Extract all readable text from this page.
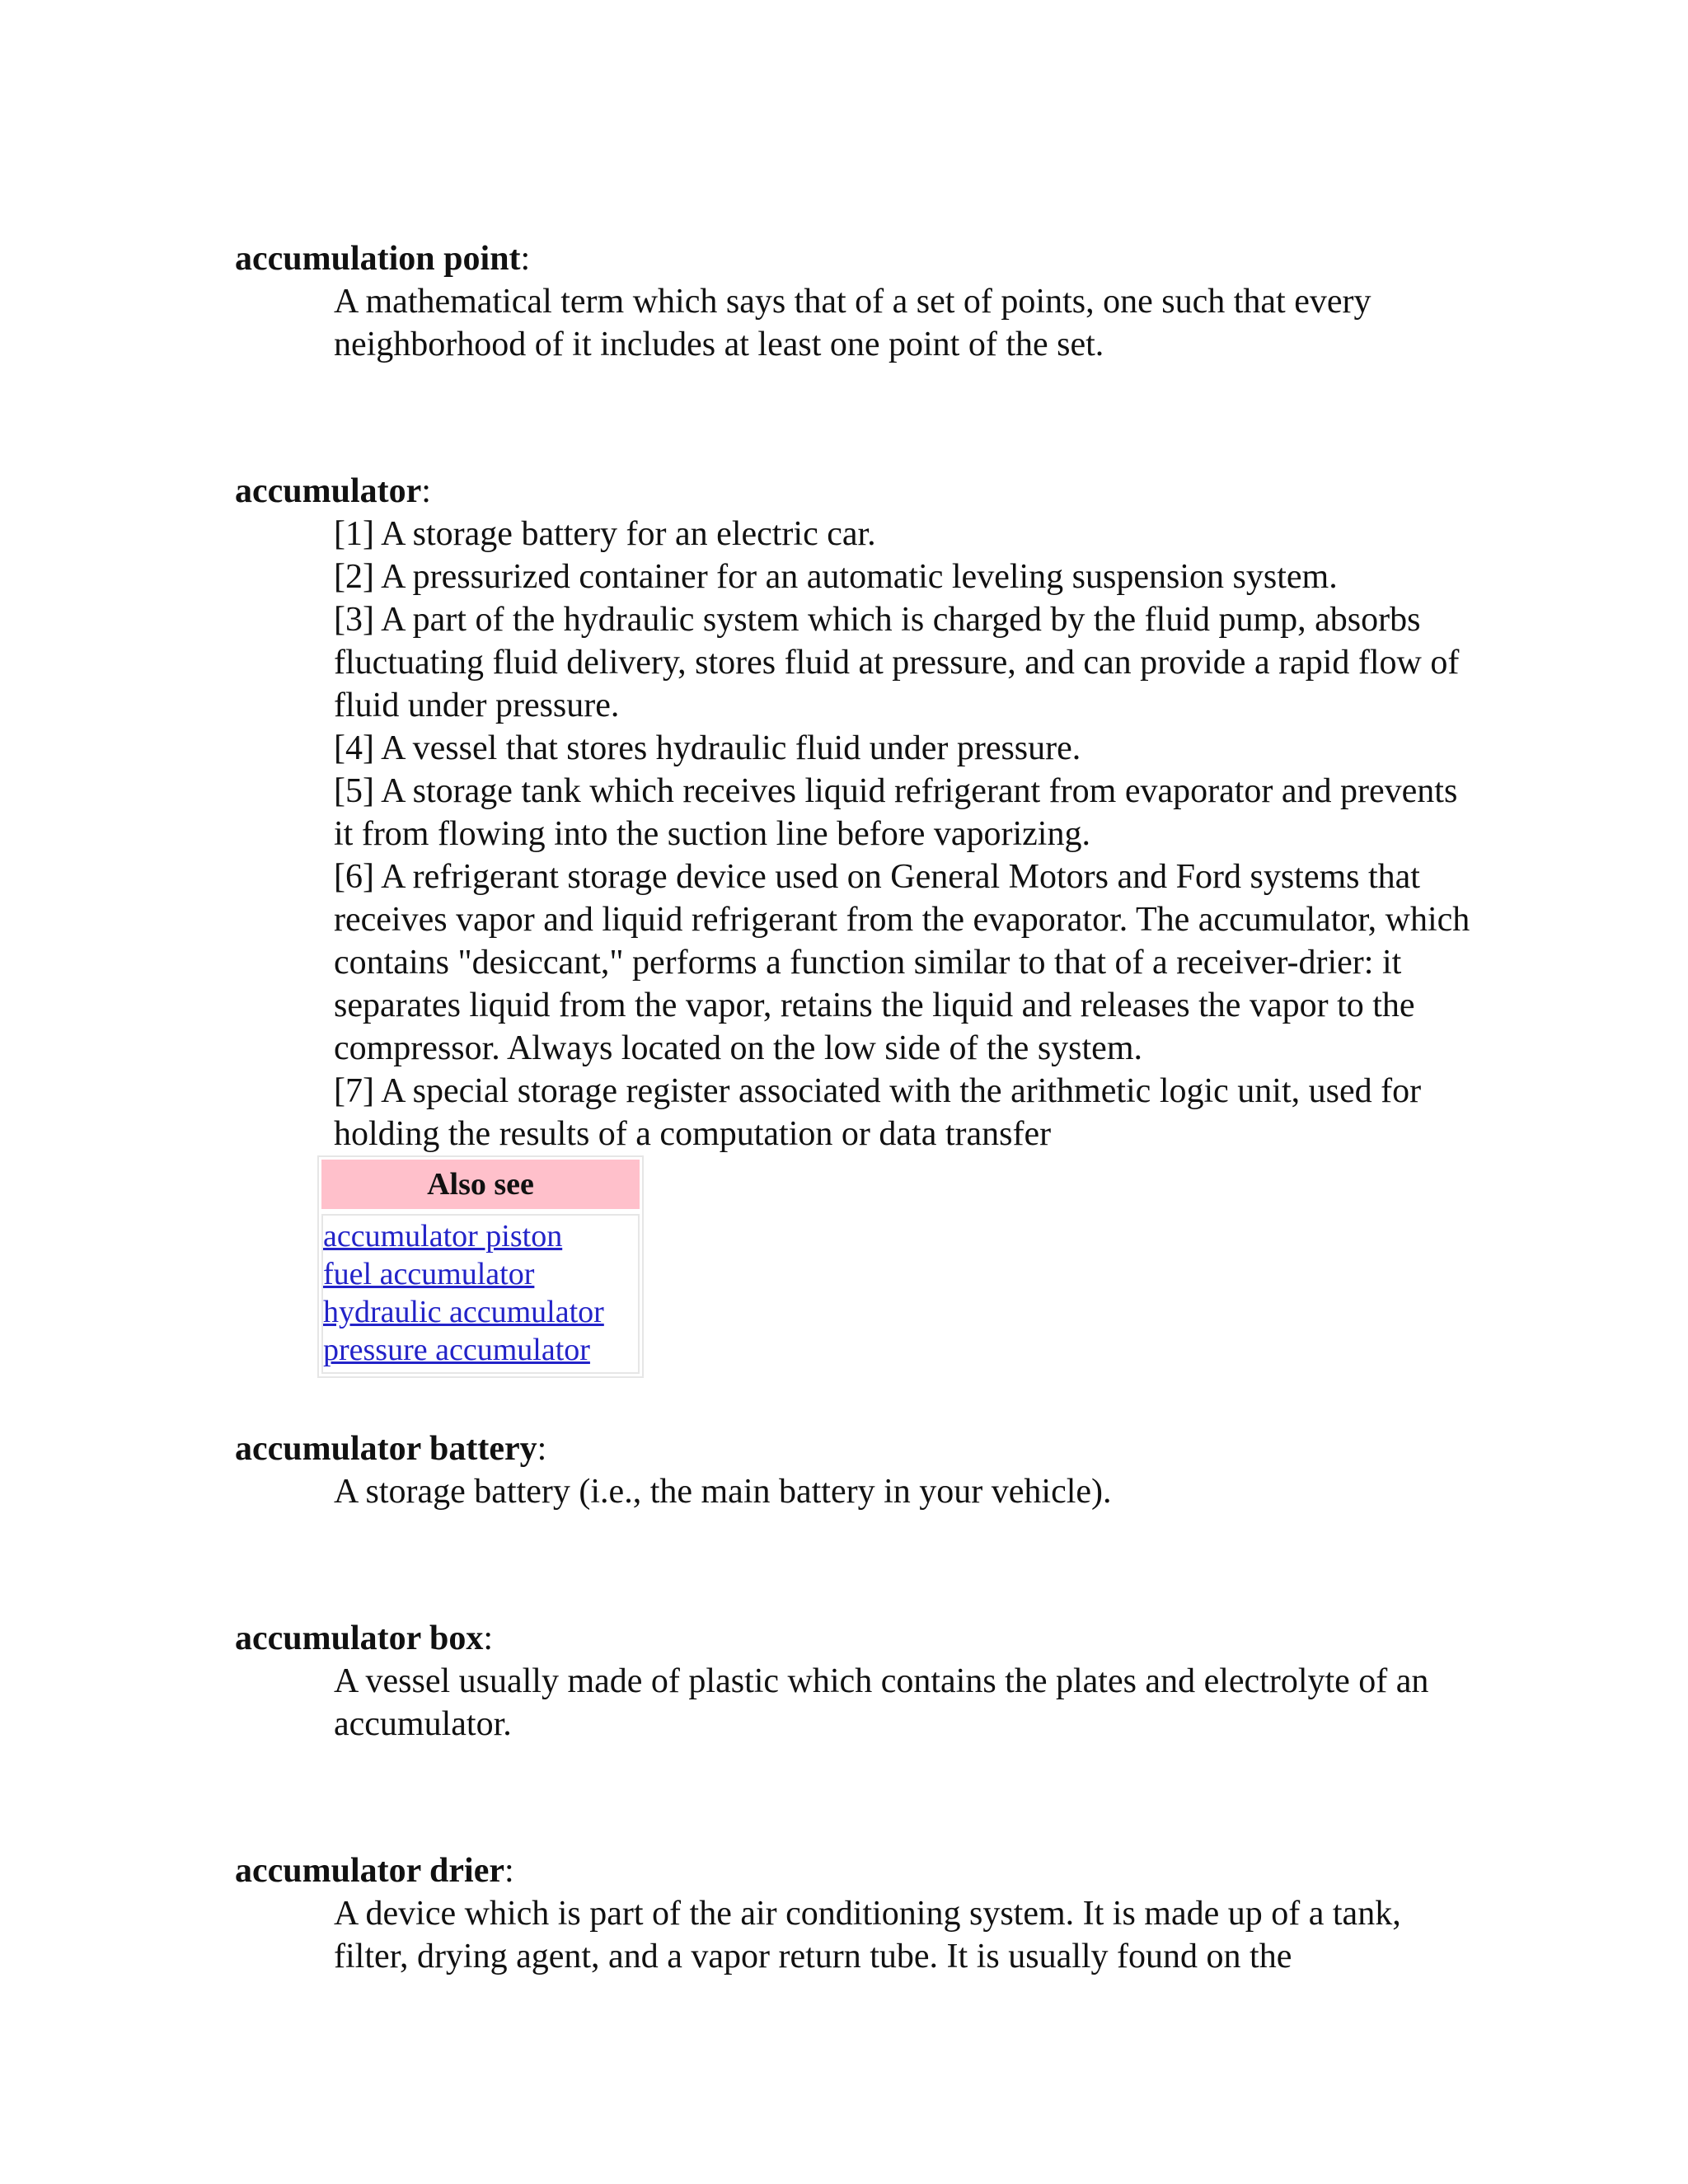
accumulation point:

A mathematical term which says that of a set of points, one such that every neighborhood of it includes at least one point of the set.

accumulator:

[1] A storage battery for an electric car.

[2] A pressurized container for an automatic leveling suspension system.

[3] A part of the hydraulic system which is charged by the fluid pump, absorbs fluctuating fluid delivery, stores fluid at pressure, and can provide a rapid flow of fluid under pressure.

[4] A vessel that stores hydraulic fluid under pressure.

[5] A storage tank which receives liquid refrigerant from evaporator and prevents it from flowing into the suction line before vaporizing.

[6] A refrigerant storage device used on General Motors and Ford systems that receives vapor and liquid refrigerant from the evaporator. The accumulator, which contains "desiccant," performs a function similar to that of a receiver-drier: it separates liquid from the vapor, retains the liquid and releases the vapor to the compressor. Always located on the low side of the system.

[7] A special storage register associated with the arithmetic logic unit, used for holding the results of a computation or data transfer

Also see
accumulator piston
fuel accumulator
hydraulic accumulator
pressure accumulator
accumulator battery:

A storage battery (i.e., the main battery in your vehicle).

accumulator box:

A vessel usually made of plastic which contains the plates and electrolyte of an accumulator.

accumulator drier:

A device which is part of the air conditioning system. It is made up of a tank, filter, drying agent, and a vapor return tube. It is usually found on the
